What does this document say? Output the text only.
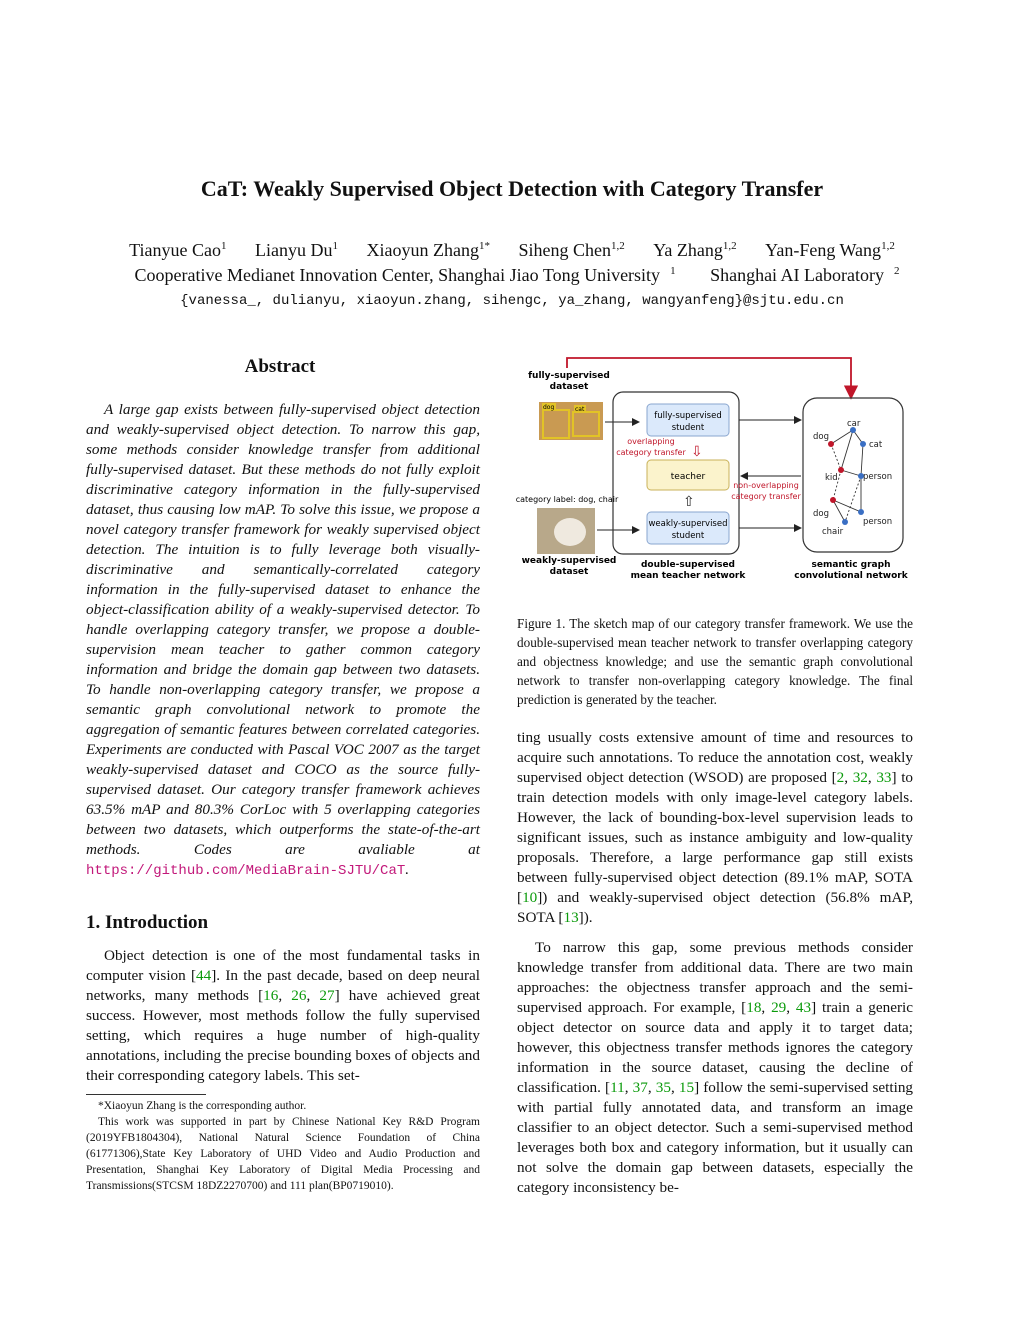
CaT: Weakly Supervised Object Detection with Category Transfer
Tianyue Cao$^1$ Lianyu Du$^1$ Xiaoyun Zhang$^{1*}$ Siheng Chen$^{1,2}$ Ya Zhang$^{1,2}$ Yan-Feng Wang$^{1,2}$
Cooperative Medianet Innovation Center, Shanghai Jiao Tong University $^1$ Shanghai AI Laboratory $^2$
{vanessa_, dulianyu, xiaoyun.zhang, sihengc, ya_zhang, wangyanfeng}@sjtu.edu.cn
Abstract
A large gap exists between fully-supervised object detection and weakly-supervised object detection. To narrow this gap, some methods consider knowledge transfer from additional fully-supervised dataset. But these methods do not fully exploit discriminative category information in the fully-supervised dataset, thus causing low mAP. To solve this issue, we propose a novel category transfer framework for weakly supervised object detection. The intuition is to fully leverage both visually-discriminative and semantically-correlated category information in the fully-supervised dataset to enhance the object-classification ability of a weakly-supervised detector. To handle overlapping category transfer, we propose a double-supervision mean teacher to gather common category information and bridge the domain gap between two datasets. To handle non-overlapping category transfer, we propose a semantic graph convolutional network to promote the aggregation of semantic features between correlated categories. Experiments are conducted with Pascal VOC 2007 as the target weakly-supervised dataset and COCO as the source fully-supervised dataset. Our category transfer framework achieves 63.5% mAP and 80.3% CorLoc with 5 overlapping categories between two datasets, which outperforms the state-of-the-art methods. Codes are avaliable at https://github.com/MediaBrain-SJTU/CaT.
1. Introduction
Object detection is one of the most fundamental tasks in computer vision [44]. In the past decade, based on deep neural networks, many methods [16, 26, 27] have achieved great success. However, most methods follow the fully supervised setting, which requires a huge number of high-quality annotations, including the precise bounding boxes of objects and their corresponding category labels. This set-

*Xiaoyun Zhang is the corresponding author.

This work was supported in part by Chinese National Key R&D Program (2019YFB1804304), National Natural Science Foundation of China (61771306),State Key Laboratory of UHD Video and Audio Production and Presentation, Shanghai Key Laboratory of Digital Media Processing and Transmissions(STCSM 18DZ2270700) and 111 plan(BP0719010).

fully-supervised
dataset
weakly-supervised
dataset
double-supervised
mean teacher network
semantic graph
convolutional network
dog	cat
category label: dog, chair
fully-supervised
student
overlapping
category transfer ⇩
teacher
⇧
weakly-supervised
student
non-overlapping
category transfer
car
dog
cat
kid	person
dog
person
chair
Figure 1. The sketch map of our category transfer framework. We use the double-supervised mean teacher network to transfer overlapping category and objectness knowledge; and use the semantic graph convolutional network to transfer non-overlapping category knowledge. The final prediction is generated by the teacher.

ting usually costs extensive amount of time and resources to acquire such annotations. To reduce the annotation cost, weakly supervised object detection (WSOD) are proposed [2, 32, 33] to train detection models with only image-level category labels. However, the lack of bounding-box-level supervision leads to significant issues, such as instance ambiguity and low-quality proposals. Therefore, a large performance gap still exists between fully-supervised object detection (89.1% mAP, SOTA [10]) and weakly-supervised object detection (56.8% mAP, SOTA [13]).

To narrow this gap, some previous methods consider knowledge transfer from additional data. There are two main approaches: the objectness transfer approach and the semi-supervised approach. For example, [18, 29, 43] train a generic object detector on source data and apply it to target data; however, this objectness transfer methods ignores the category information in the source dataset, causing the decline of classification. [11, 37, 35, 15] follow the semi-supervised setting with partial fully annotated data, and transform an image classifier to an object detector. Such a semi-supervised method leverages both box and category information, but it usually can not solve the domain gap between datasets, especially the category inconsistency be-
